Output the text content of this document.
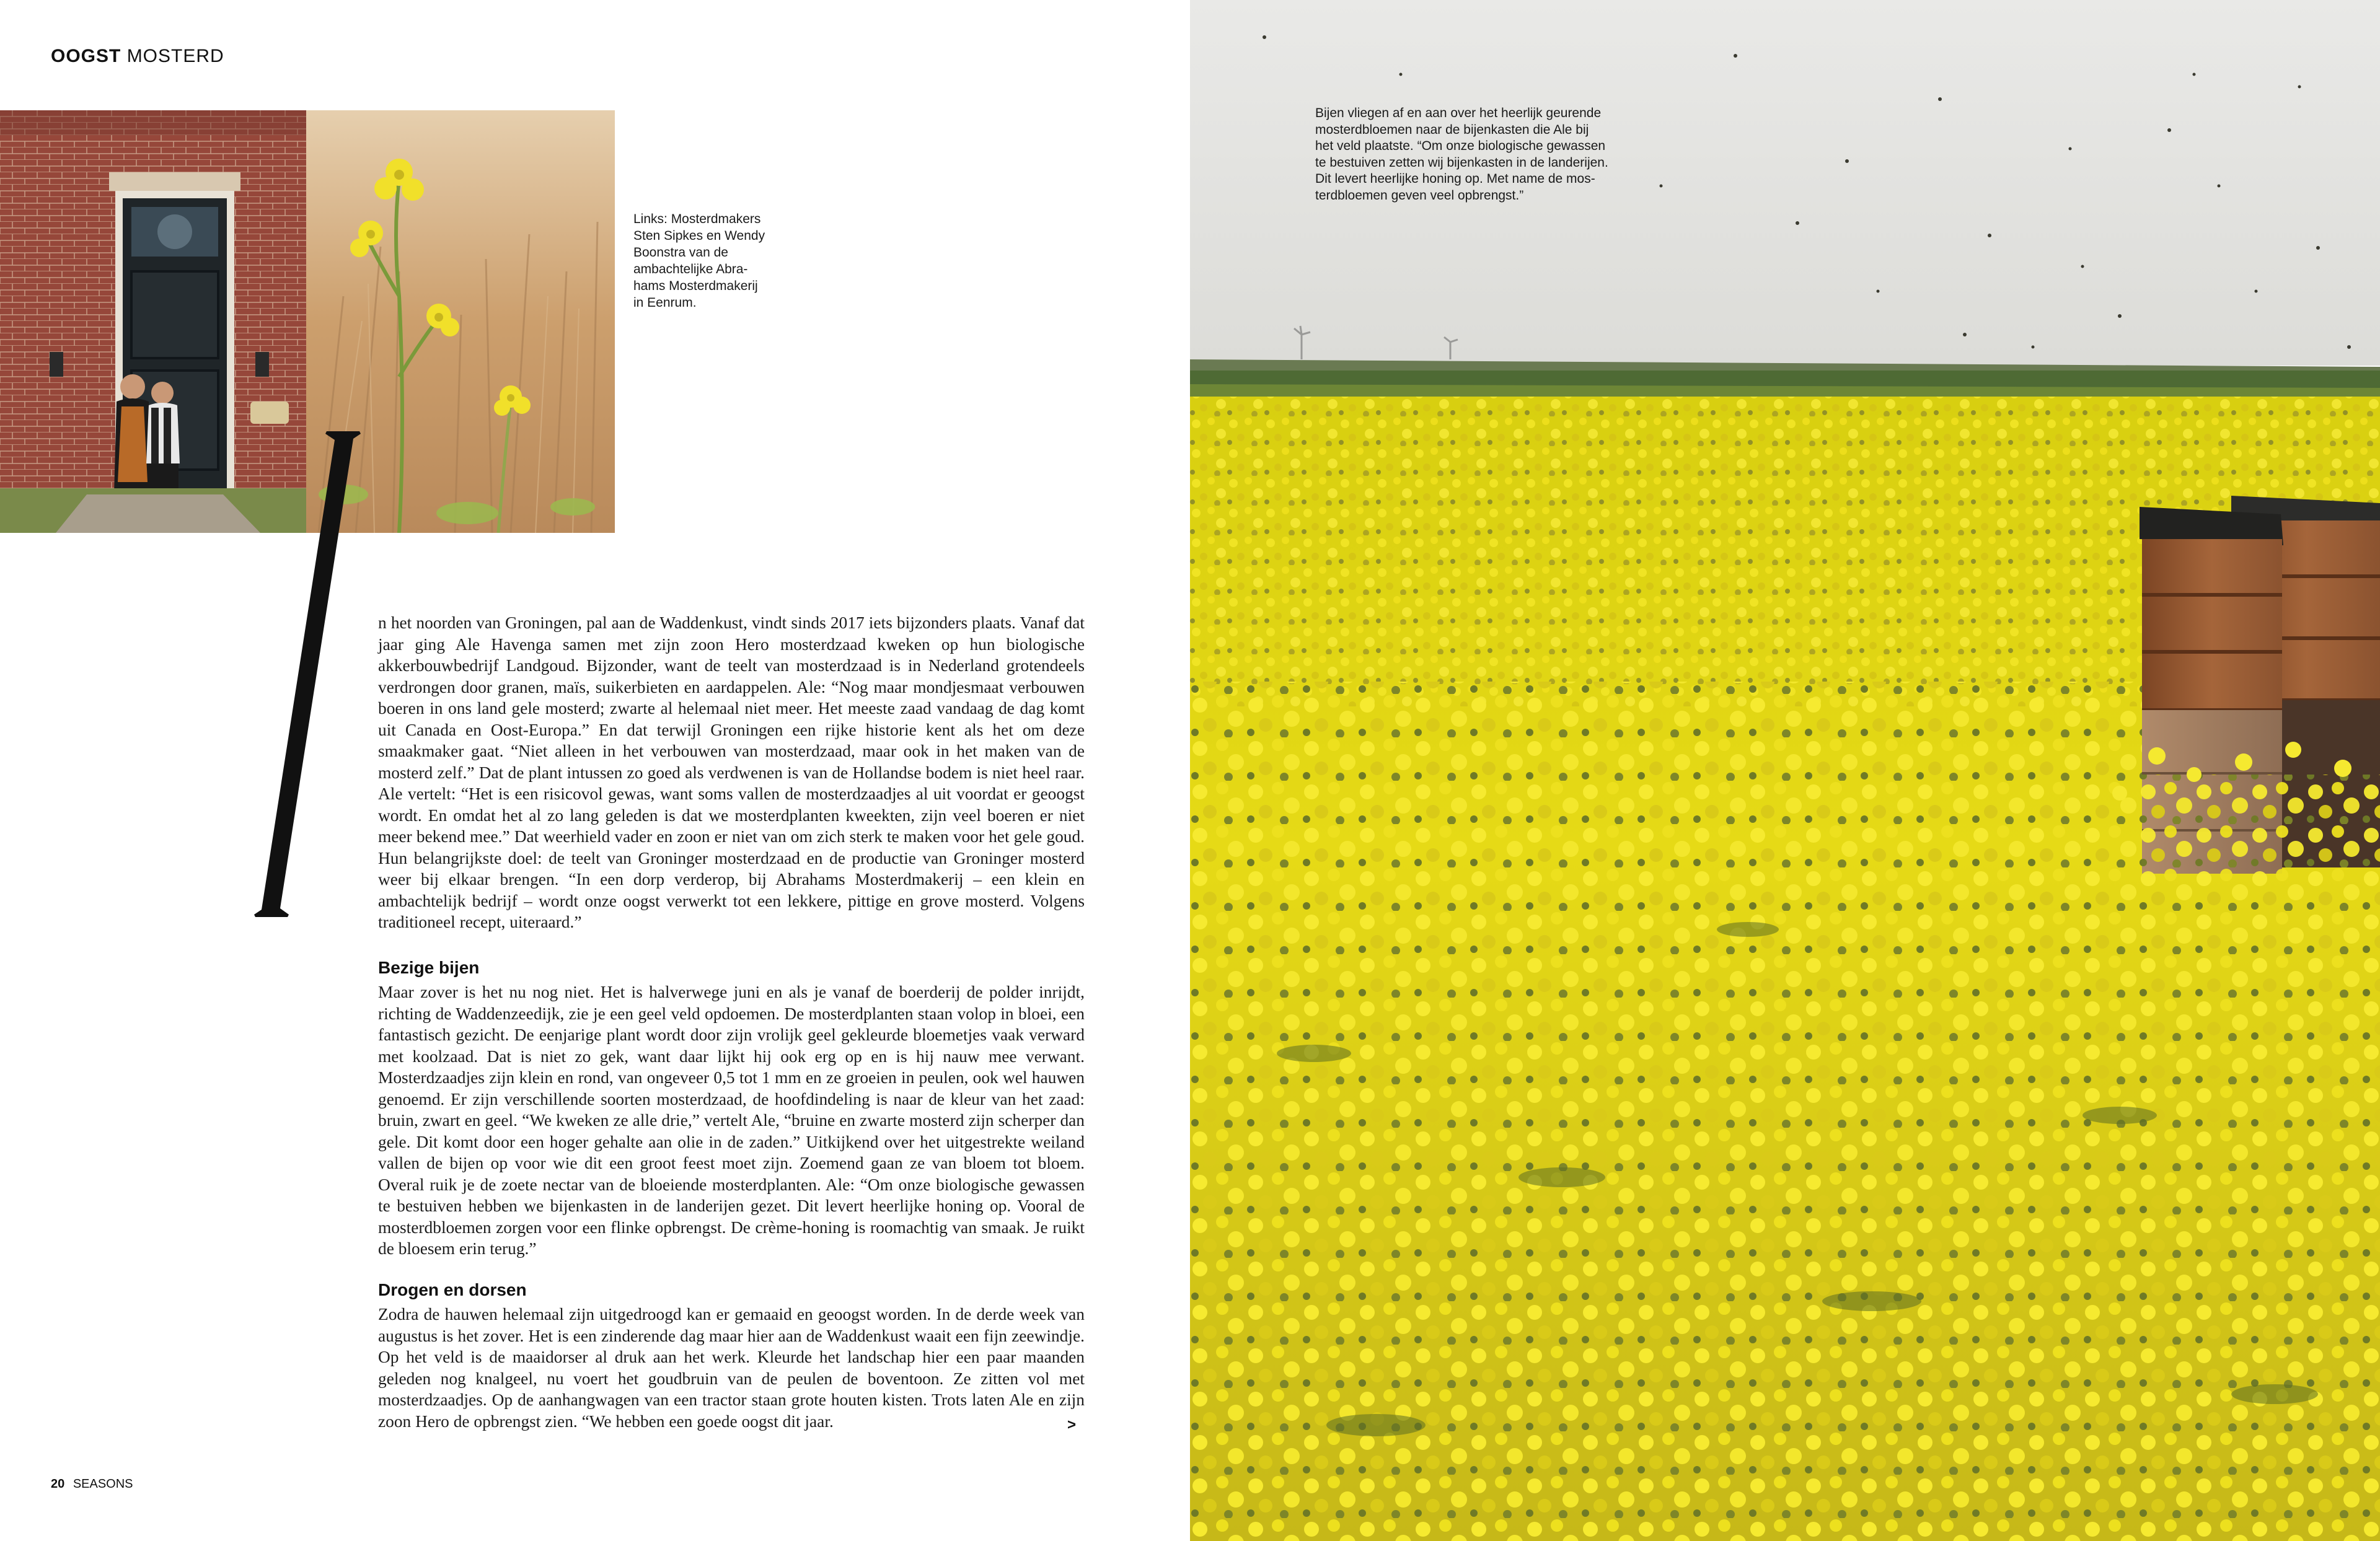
OOGST MOSTERD
Links: Mosterdmakers
Sten Sipkes en Wendy
Boonstra van de
ambachtelijke Abra-
hams Mosterdmakerij
in Eenrum.

n het noorden van Groningen, pal aan de Waddenkust, vindt sinds 2017 iets bijzonders plaats. Vanaf dat jaar ging Ale Havenga samen met zijn zoon Hero mosterdzaad kweken op hun biologische akkerbouwbedrijf Landgoud. Bijzonder, want de teelt van mosterdzaad is in Nederland grotendeels verdrongen door granen, maïs, suikerbieten en aardappelen. Ale: “Nog maar mondjesmaat verbouwen boeren in ons land gele mosterd; zwarte al helemaal niet meer. Het meeste zaad vandaag de dag komt uit Canada en Oost-Europa.” En dat terwijl Groningen een rijke historie kent als het om deze smaakmaker gaat. “Niet alleen in het verbouwen van mosterdzaad, maar ook in het maken van de mosterd zelf.” Dat de plant intussen zo goed als verdwenen is van de Hollandse bodem is niet heel raar. Ale vertelt: “Het is een risicovol gewas, want soms vallen de mosterdzaadjes al uit voordat er geoogst wordt. En omdat het al zo lang geleden is dat we mosterdplanten kweekten, zijn veel boeren er niet meer bekend mee.” Dat weerhield vader en zoon er niet van om zich sterk te maken voor het gele goud. Hun belangrijkste doel: de teelt van Groninger mosterdzaad en de productie van Groninger mosterd weer bij elkaar brengen. “In een dorp verderop, bij Abrahams Mosterdmakerij – een klein en ambachtelijk bedrijf – wordt onze oogst verwerkt tot een lekkere, pittige en grove mosterd. Volgens traditioneel recept, uiteraard.”

Bezige bijen

Maar zover is het nu nog niet. Het is halverwege juni en als je vanaf de boerderij de polder inrijdt, richting de Waddenzeedijk, zie je een geel veld opdoemen. De mosterdplanten staan volop in bloei, een fantastisch gezicht. De eenjarige plant wordt door zijn vrolijk geel gekleurde bloemetjes vaak verward met koolzaad. Dat is niet zo gek, want daar lijkt hij ook erg op en is hij nauw mee verwant. Mosterdzaadjes zijn klein en rond, van ongeveer 0,5 tot 1 mm en ze groeien in peulen, ook wel hauwen genoemd. Er zijn verschillende soorten mosterdzaad, de hoofdindeling is naar de kleur van het zaad: bruin, zwart en geel. “We kweken ze alle drie,” vertelt Ale, “bruine en zwarte mosterd zijn scherper dan gele. Dit komt door een hoger gehalte aan olie in de zaden.” Uitkijkend over het uitgestrekte weiland vallen de bijen op voor wie dit een groot feest moet zijn. Zoemend gaan ze van bloem tot bloem. Overal ruik je de zoete nectar van de bloeiende mosterdplanten. Ale: “Om onze biologische gewassen te bestuiven hebben we bijenkasten in de landerijen gezet. Dit levert heerlijke honing op. Vooral de mosterdbloemen zorgen voor een flinke opbrengst. De crème-honing is roomachtig van smaak. Je ruikt de bloesem erin terug.”

Drogen en dorsen

Zodra de hauwen helemaal zijn uitgedroogd kan er gemaaid en geoogst worden. In de derde week van augustus is het zover. Het is een zinderende dag maar hier aan de Waddenkust waait een fijn zeewindje. Op het veld is de maaidorser al druk aan het werk. Kleurde het landschap hier een paar maanden geleden nog knalgeel, nu voert het goudbruin van de peulen de boventoon. Ze zitten vol met mosterdzaadjes. Op de aanhangwagen van een tractor staan grote houten kisten. Trots laten Ale en zijn zoon Hero de opbrengst zien. “We hebben een goede oogst dit jaar.	>
20 SEASONS
Bijen vliegen af en aan over het heerlijk geurende
mosterdbloemen naar de bijenkasten die Ale bij
het veld plaatste. “Om onze biologische gewassen
te bestuiven zetten wij bijenkasten in de landerijen.
Dit levert heerlijke honing op. Met name de mos-
terdbloemen geven veel opbrengst.”
